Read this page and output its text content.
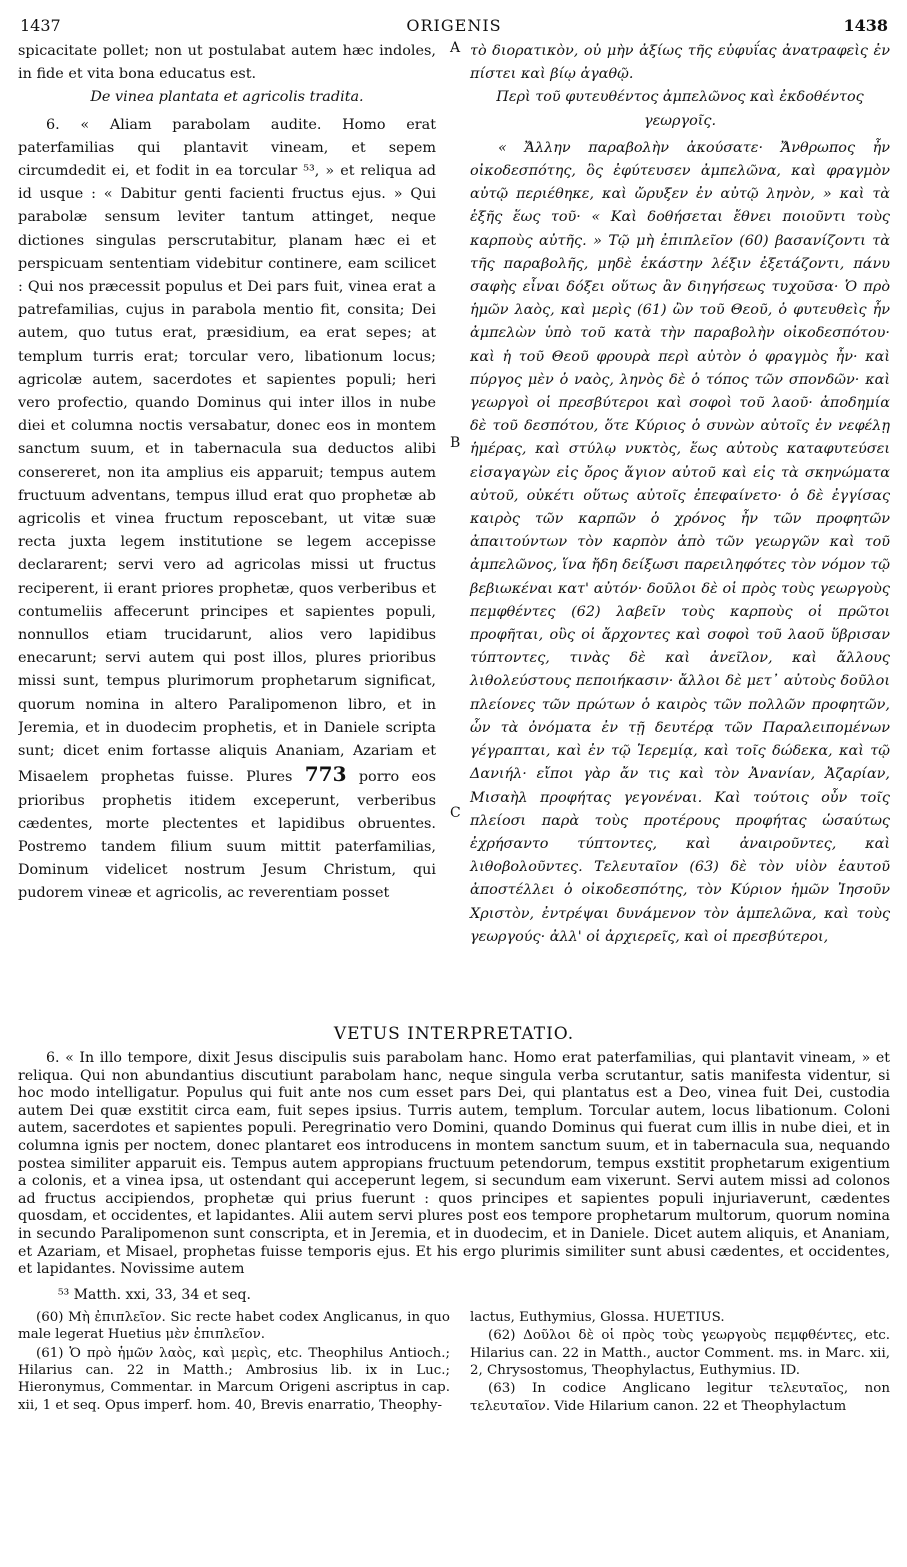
1437	ORIGENIS	1438

spicacitate pollet; non ut postulabat autem hæc indoles, in fide et vita bona educatus est.

De vinea plantata et agricolis tradita.

6. « Aliam parabolam audite. Homo erat paterfamilias qui plantavit vineam, et sepem circumdedit ei, et fodit in ea torcular ⁵³, » et reliqua ad id usque : « Dabitur genti facienti fructus ejus. » Qui parabolæ sensum leviter tantum attinget, neque dictiones singulas perscrutabitur, planam hæc ei et perspicuam sententiam videbitur continere, eam scilicet : Qui nos præcessit populus et Dei pars fuit, vinea erat a patrefamilias, cujus in parabola mentio fit, consita; Dei autem, quo tutus erat, præsidium, ea erat sepes; at templum turris erat; torcular vero, libationum locus; agricolæ autem, sacerdotes et sapientes populi; heri vero profectio, quando Dominus qui inter illos in nube diei et columna noctis versabatur, donec eos in montem sanctum suum, et in tabernacula sua deductos alibi consereret, non ita amplius eis apparuit; tempus autem fructuum adventans, tempus illud erat quo prophetæ ab agricolis et vinea fructum reposcebant, ut vitæ suæ recta juxta legem institutione se legem accepisse declararent; servi vero ad agricolas missi ut fructus reciperent, ii erant priores prophetæ, quos verberibus et contumeliis affecerunt principes et sapientes populi, nonnullos etiam trucidarunt, alios vero lapidibus enecarunt; servi autem qui post illos, plures prioribus missi sunt, tempus plurimorum prophetarum significat, quorum nomina in altero Paralipomenon libro, et in Jeremia, et in duodecim prophetis, et in Daniele scripta sunt; dicet enim fortasse aliquis Ananiam, Azariam et Misaelem prophetas fuisse. Plures 773 porro eos prioribus prophetis itidem exceperunt, verberibus cædentes, morte plectentes et lapidibus obruentes. Postremo tandem filium suum mittit paterfamilias, Dominum videlicet nostrum Jesum Christum, qui pudorem vineæ et agricolis, ac reverentiam posset

A
B
C

τὸ διορατικὸν, οὐ μὴν ἀξίως τῆς εὐφυΐας ἀνατραφεὶς ἐν πίστει καὶ βίῳ ἀγαθῷ.

Περὶ τοῦ φυτευθέντος ἀμπελῶνος καὶ ἐκδοθέντος γεωργοῖς.

« Ἄλλην παραβολὴν ἀκούσατε· Ἄνθρωπος ἦν οἰκοδεσπότης, ὃς ἐφύτευσεν ἀμπελῶνα, καὶ φραγμὸν αὐτῷ περιέθηκε, καὶ ὤρυξεν ἐν αὐτῷ ληνὸν, » καὶ τὰ ἑξῆς ἕως τοῦ· « Καὶ δοθήσεται ἔθνει ποιοῦντι τοὺς καρποὺς αὐτῆς. » Τῷ μὴ ἐπιπλεῖον (60) βασανίζοντι τὰ τῆς παραβολῆς, μηδὲ ἑκάστην λέξιν ἐξετάζοντι, πάνυ σαφὴς εἶναι δόξει οὕτως ἂν διηγήσεως τυχοῦσα· Ὁ πρὸ ἡμῶν λαὸς, καὶ μερὶς (61) ὢν τοῦ Θεοῦ, ὁ φυτευθεὶς ἦν ἀμπελὼν ὑπὸ τοῦ κατὰ τὴν παραβολὴν οἰκοδεσπότου· καὶ ἡ τοῦ Θεοῦ φρουρὰ περὶ αὐτὸν ὁ φραγμὸς ἦν· καὶ πύργος μὲν ὁ ναὸς, ληνὸς δὲ ὁ τόπος τῶν σπονδῶν· καὶ γεωργοὶ οἱ πρεσβύτεροι καὶ σοφοὶ τοῦ λαοῦ· ἀποδημία δὲ τοῦ δεσπότου, ὅτε Κύριος ὁ συνὼν αὐτοῖς ἐν νεφέλῃ ἡμέρας, καὶ στύλῳ νυκτὸς, ἕως αὐτοὺς καταφυτεύσει εἰσαγαγὼν εἰς ὄρος ἅγιον αὐτοῦ καὶ εἰς τὰ σκηνώματα αὐτοῦ, οὐκέτι οὕτως αὐτοῖς ἐπεφαίνετο· ὁ δὲ ἐγγίσας καιρὸς τῶν καρπῶν ὁ χρόνος ἦν τῶν προφητῶν ἀπαιτούντων τὸν καρπὸν ἀπὸ τῶν γεωργῶν καὶ τοῦ ἀμπελῶνος, ἵνα ἤδη δείξωσι παρειληφότες τὸν νόμον τῷ βεβιωκέναι κατ' αὐτόν· δοῦλοι δὲ οἱ πρὸς τοὺς γεωργοὺς πεμφθέντες (62) λαβεῖν τοὺς καρποὺς οἱ πρῶτοι προφῆται, οὓς οἱ ἄρχοντες καὶ σοφοὶ τοῦ λαοῦ ὕβρισαν τύπτοντες, τινὰς δὲ καὶ ἀνεῖλον, καὶ ἄλλους λιθολεύστους πεποιήκασιν· ἄλλοι δὲ μετ᾽ αὐτοὺς δοῦλοι πλείονες τῶν πρώτων ὁ καιρὸς τῶν πολλῶν προφητῶν, ὧν τὰ ὀνόματα ἐν τῇ δευτέρᾳ τῶν Παραλειπομένων γέγραπται, καὶ ἐν τῷ Ἱερεμίᾳ, καὶ τοῖς δώδεκα, καὶ τῷ Δανιήλ· εἴποι γὰρ ἄν τις καὶ τὸν Ἀνανίαν, Ἀζαρίαν, Μισαὴλ προφήτας γεγονέναι. Καὶ τούτοις οὖν τοῖς πλείοσι παρὰ τοὺς προτέρους προφήτας ὡσαύτως ἐχρήσαντο τύπτοντες, καὶ ἀναιροῦντες, καὶ λιθοβολοῦντες. Τελευταῖον (63) δὲ τὸν υἱὸν ἑαυτοῦ ἀποστέλλει ὁ οἰκοδεσπότης, τὸν Κύριον ἡμῶν Ἰησοῦν Χριστὸν, ἐντρέψαι δυνάμενον τὸν ἀμπελῶνα, καὶ τοὺς γεωργούς· ἀλλ' οἱ ἀρχιερεῖς, καὶ οἱ πρεσβύτεροι,

VETUS INTERPRETATIO.

6. « In illo tempore, dixit Jesus discipulis suis parabolam hanc. Homo erat paterfamilias, qui plantavit vineam, » et reliqua. Qui non abundantius discutiunt parabolam hanc, neque singula verba scrutantur, satis manifesta videntur, si hoc modo intelligatur. Populus qui fuit ante nos cum esset pars Dei, qui plantatus est a Deo, vinea fuit Dei, custodia autem Dei quæ exstitit circa eam, fuit sepes ipsius. Turris autem, templum. Torcular autem, locus libationum. Coloni autem, sacerdotes et sapientes populi. Peregrinatio vero Domini, quando Dominus qui fuerat cum illis in nube diei, et in columna ignis per noctem, donec plantaret eos introducens in montem sanctum suum, et in tabernacula sua, nequando postea similiter apparuit eis. Tempus autem appropians fructuum petendorum, tempus exstitit prophetarum exigentium a colonis, et a vinea ipsa, ut ostendant qui acceperunt legem, si secundum eam vixerunt. Servi autem missi ad colonos ad fructus accipiendos, prophetæ qui prius fuerunt : quos principes et sapientes populi injuriaverunt, cædentes quosdam, et occidentes, et lapidantes. Alii autem servi plures post eos tempore prophetarum multorum, quorum nomina in secundo Paralipomenon sunt conscripta, et in Jeremia, et in duodecim, et in Daniele. Dicet autem aliquis, et Ananiam, et Azariam, et Misael, prophetas fuisse temporis ejus. Et his ergo plurimis similiter sunt abusi cædentes, et occidentes, et lapidantes. Novissime autem

⁵³ Matth. xxi, 33, 34 et seq.

(60) Μὴ ἐπιπλεῖον. Sic recte habet codex Anglicanus, in quo male legerat Huetius μὲν ἐπιπλεῖον.

(61) Ὁ πρὸ ἡμῶν λαὸς, καὶ μερὶς, etc. Theophilus Antioch.; Hilarius can. 22 in Matth.; Ambrosius lib. ix in Luc.; Hieronymus, Commentar. in Marcum Origeni ascriptus in cap. xii, 1 et seq. Opus imperf. hom. 40, Brevis enarratio, Theophy-

lactus, Euthymius, Glossa. HUETIUS.

(62) Δοῦλοι δὲ οἱ πρὸς τοὺς γεωργοὺς πεμφθέντες, etc. Hilarius can. 22 in Matth., auctor Comment. ms. in Marc. xii, 2, Chrysostomus, Theophylactus, Euthymius. ID.

(63) In codice Anglicano legitur τελευταῖος, non τελευταῖον. Vide Hilarium canon. 22 et Theophylactum
